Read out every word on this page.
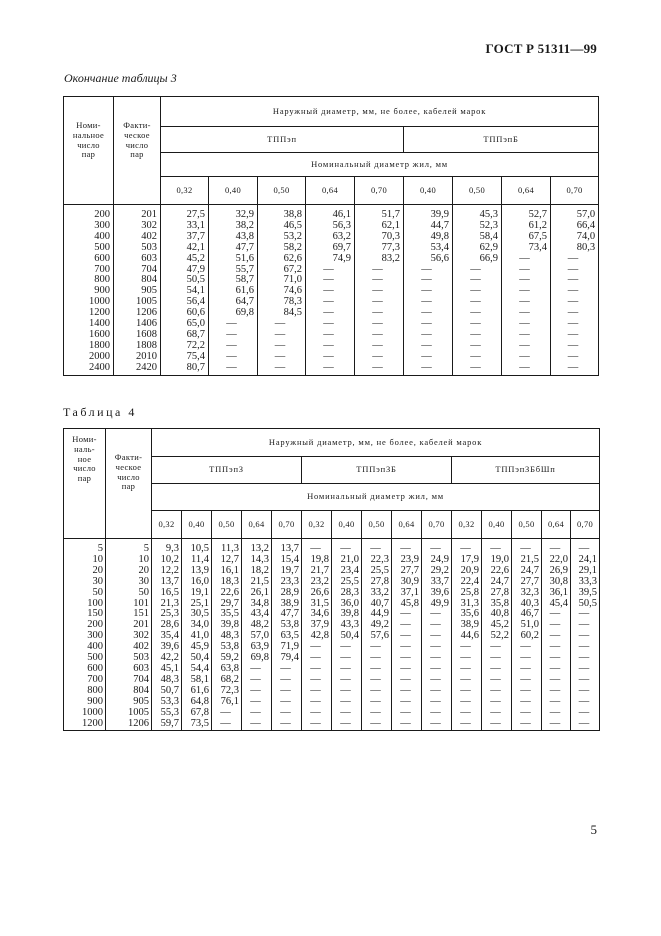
ГОСТ Р 51311—99
Окончание таблицы 3
Номи-
нальное
число
пар	Факти-
ческое
число
пар	Наружный диаметр, мм, не более, кабелей марок								
		ТППэп					ТППэпБ			
		Номинальный диаметр жил, мм								
		0,32	0,40	0,50	0,64	0,70	0,40	0,50	0,64	0,70
200	201	27,5	32,9	38,8	46,1	51,7	39,9	45,3	52,7	57,0
300	302	33,1	38,2	46,5	56,3	62,1	44,7	52,3	61,2	66,4
400	402	37,7	43,8	53,2	63,2	70,3	49,8	58,4	67,5	74,0
500	503	42,1	47,7	58,2	69,7	77,3	53,4	62,9	73,4	80,3
600	603	45,2	51,6	62,6	74,9	83,2	56,6	66,9	—	—
700	704	47,9	55,7	67,2	—	—	—	—	—	—
800	804	50,5	58,7	71,0	—	—	—	—	—	—
900	905	54,1	61,6	74,6	—	—	—	—	—	—
1000	1005	56,4	64,7	78,3	—	—	—	—	—	—
1200	1206	60,6	69,8	84,5	—	—	—	—	—	—
1400	1406	65,0	—	—	—	—	—	—	—	—
1600	1608	68,7	—	—	—	—	—	—	—	—
1800	1808	72,2	—	—	—	—	—	—	—	—
2000	2010	75,4	—	—	—	—	—	—	—	—
2400	2420	80,7	—	—	—	—	—	—	—	—
Таблица 4
Номи-
наль-
ное
число
пар	Факти-
ческое
число
пар	Наружный диаметр, мм, не более, кабелей марок														
		ТППэпЗ					ТППэпЗБ					ТППэпЗБбШп				
		Номинальный диаметр жил, мм														
		0,32	0,40	0,50	0,64	0,70	0,32	0,40	0,50	0,64	0,70	0,32	0,40	0,50	0,64	0,70
5	5	9,3	10,5	11,3	13,2	13,7	—	—	—	—	—	—	—	—	—	—
10	10	10,2	11,4	12,7	14,3	15,4	19,8	21,0	22,3	23,9	24,9	17,9	19,0	21,5	22,0	24,1
20	20	12,2	13,9	16,1	18,2	19,7	21,7	23,4	25,5	27,7	29,2	20,9	22,6	24,7	26,9	29,1
30	30	13,7	16,0	18,3	21,5	23,3	23,2	25,5	27,8	30,9	33,7	22,4	24,7	27,7	30,8	33,3
50	50	16,5	19,1	22,6	26,1	28,9	26,6	28,3	33,2	37,1	39,6	25,8	27,8	32,3	36,1	39,5
100	101	21,3	25,1	29,7	34,8	38,9	31,5	36,0	40,7	45,8	49,9	31,3	35,8	40,3	45,4	50,5
150	151	25,3	30,5	35,5	43,4	47,7	34,6	39,8	44,9	—	—	35,6	40,8	46,7	—	—
200	201	28,6	34,0	39,8	48,2	53,8	37,9	43,3	49,2	—	—	38,9	45,2	51,0	—	—
300	302	35,4	41,0	48,3	57,0	63,5	42,8	50,4	57,6	—	—	44,6	52,2	60,2	—	—
400	402	39,6	45,9	53,8	63,9	71,9	—	—	—	—	—	—	—	—	—	—
500	503	42,2	50,4	59,2	69,8	79,4	—	—	—	—	—	—	—	—	—	—
600	603	45,1	54,4	63,8	—	—	—	—	—	—	—	—	—	—	—	—
700	704	48,3	58,1	68,2	—	—	—	—	—	—	—	—	—	—	—	—
800	804	50,7	61,6	72,3	—	—	—	—	—	—	—	—	—	—	—	—
900	905	53,3	64,8	76,1	—	—	—	—	—	—	—	—	—	—	—	—
1000	1005	55,3	67,8	—	—	—	—	—	—	—	—	—	—	—	—	—
1200	1206	59,7	73,5	—	—	—	—	—	—	—	—	—	—	—	—	—
5
